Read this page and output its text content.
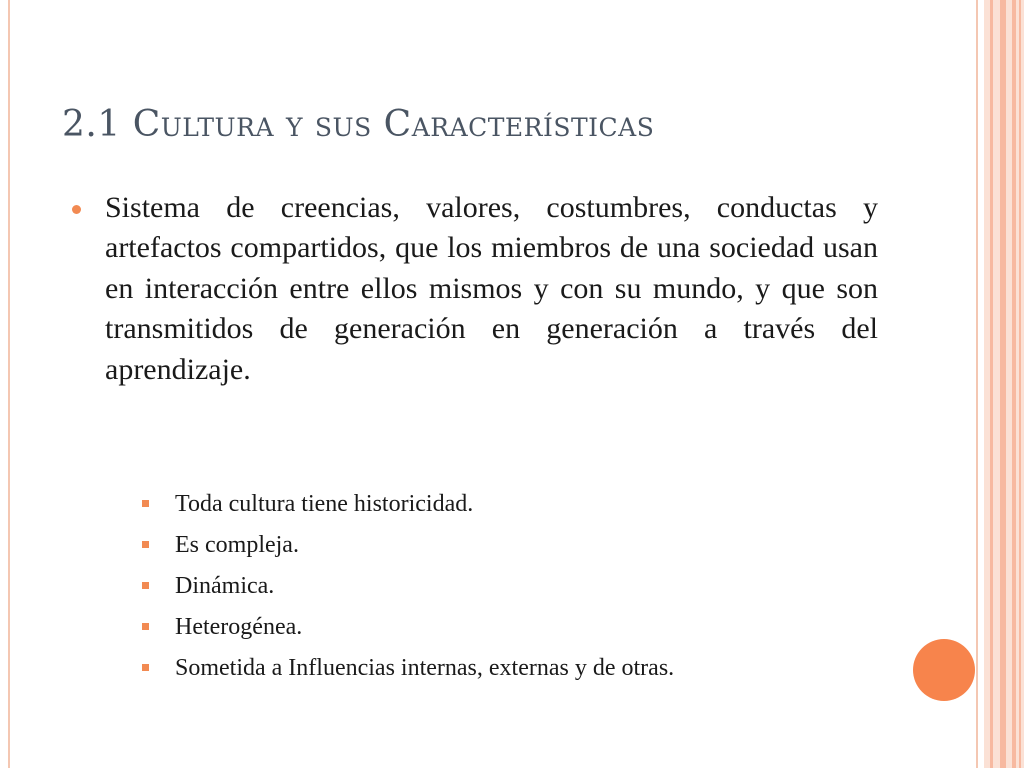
2.1 Cultura y sus Características

Sistema de creencias, valores, costumbres, conductas y artefactos compartidos, que los miembros de una sociedad usan en interacción entre ellos mismos y con su mundo, y que son transmitidos de generación en generación a través del aprendizaje.

Toda cultura tiene historicidad.
Es compleja.
Dinámica.
Heterogénea.
Sometida a Influencias internas, externas y de otras.
